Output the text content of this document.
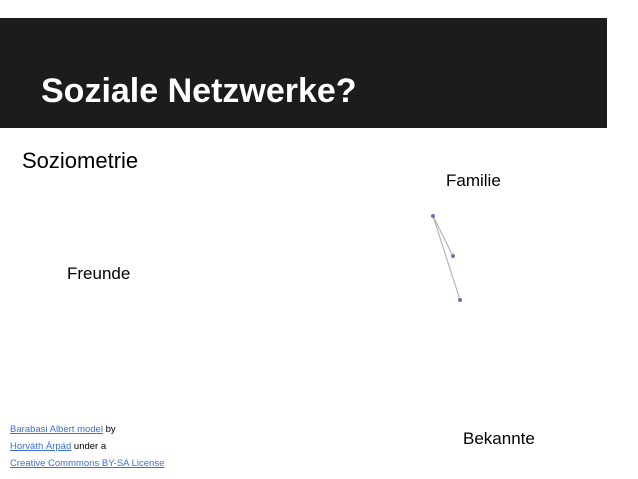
Soziale Netzwerke?
Soziometrie
Familie
Freunde
Bekannte
Barabasi Albert model by
Horváth Árpád under a
Creative Commmons BY-SA License
